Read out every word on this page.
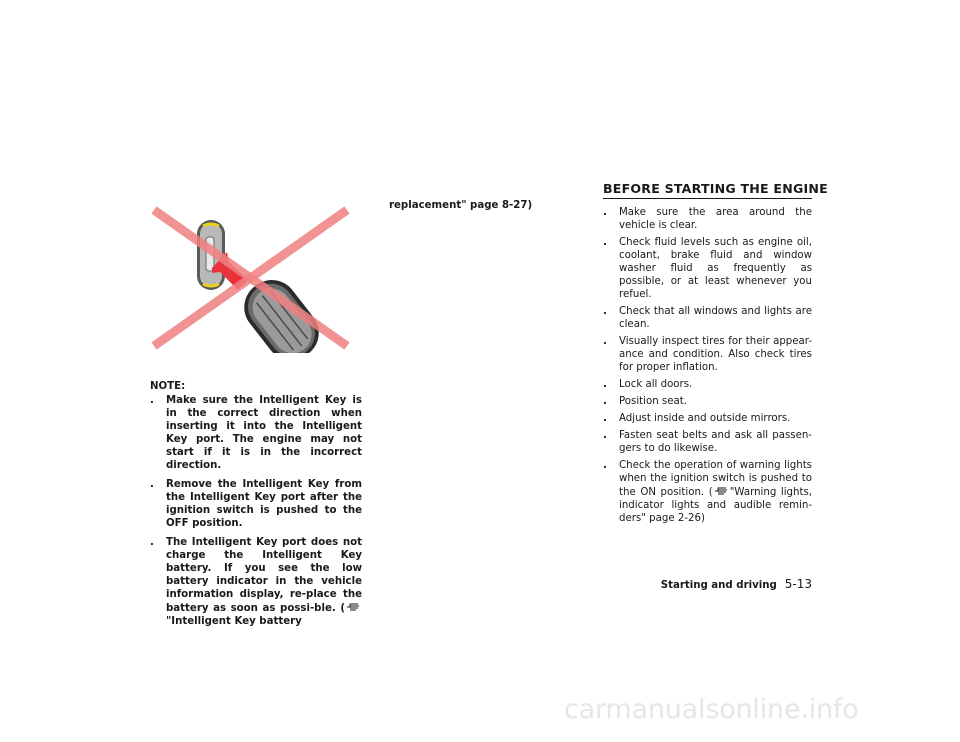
NOTE:
.	Make sure the Intelligent Key is in the correct direction when inserting it into the Intelligent Key port. The engine may not start if it is in the incorrect direction.
.	Remove the Intelligent Key from the Intelligent Key port after the ignition switch is pushed to the OFF position.
.	The Intelligent Key port does not charge the Intelligent Key battery. If you see the low battery indicator in the vehicle information display, re-place the battery as soon as possi-ble. ("Intelligent Key battery
replacement" page 8-27)
BEFORE STARTING THE ENGINE
.	Make sure the area around the vehicle is clear.
.	Check fluid levels such as engine oil, coolant, brake fluid and window washer fluid as frequently as possible, or at least whenever you refuel.
.	Check that all windows and lights are clean.
.	Visually inspect tires for their appear-ance and condition. Also check tires for proper inflation.
.	Lock all doors.
.	Position seat.
.	Adjust inside and outside mirrors.
.	Fasten seat belts and ask all passen-gers to do likewise.
.	Check the operation of warning lights when the ignition switch is pushed to the ON position. ( "Warning lights, indicator lights and audible remin-ders" page 2-26)
Starting and driving 5-13
carmanualsonline.info
